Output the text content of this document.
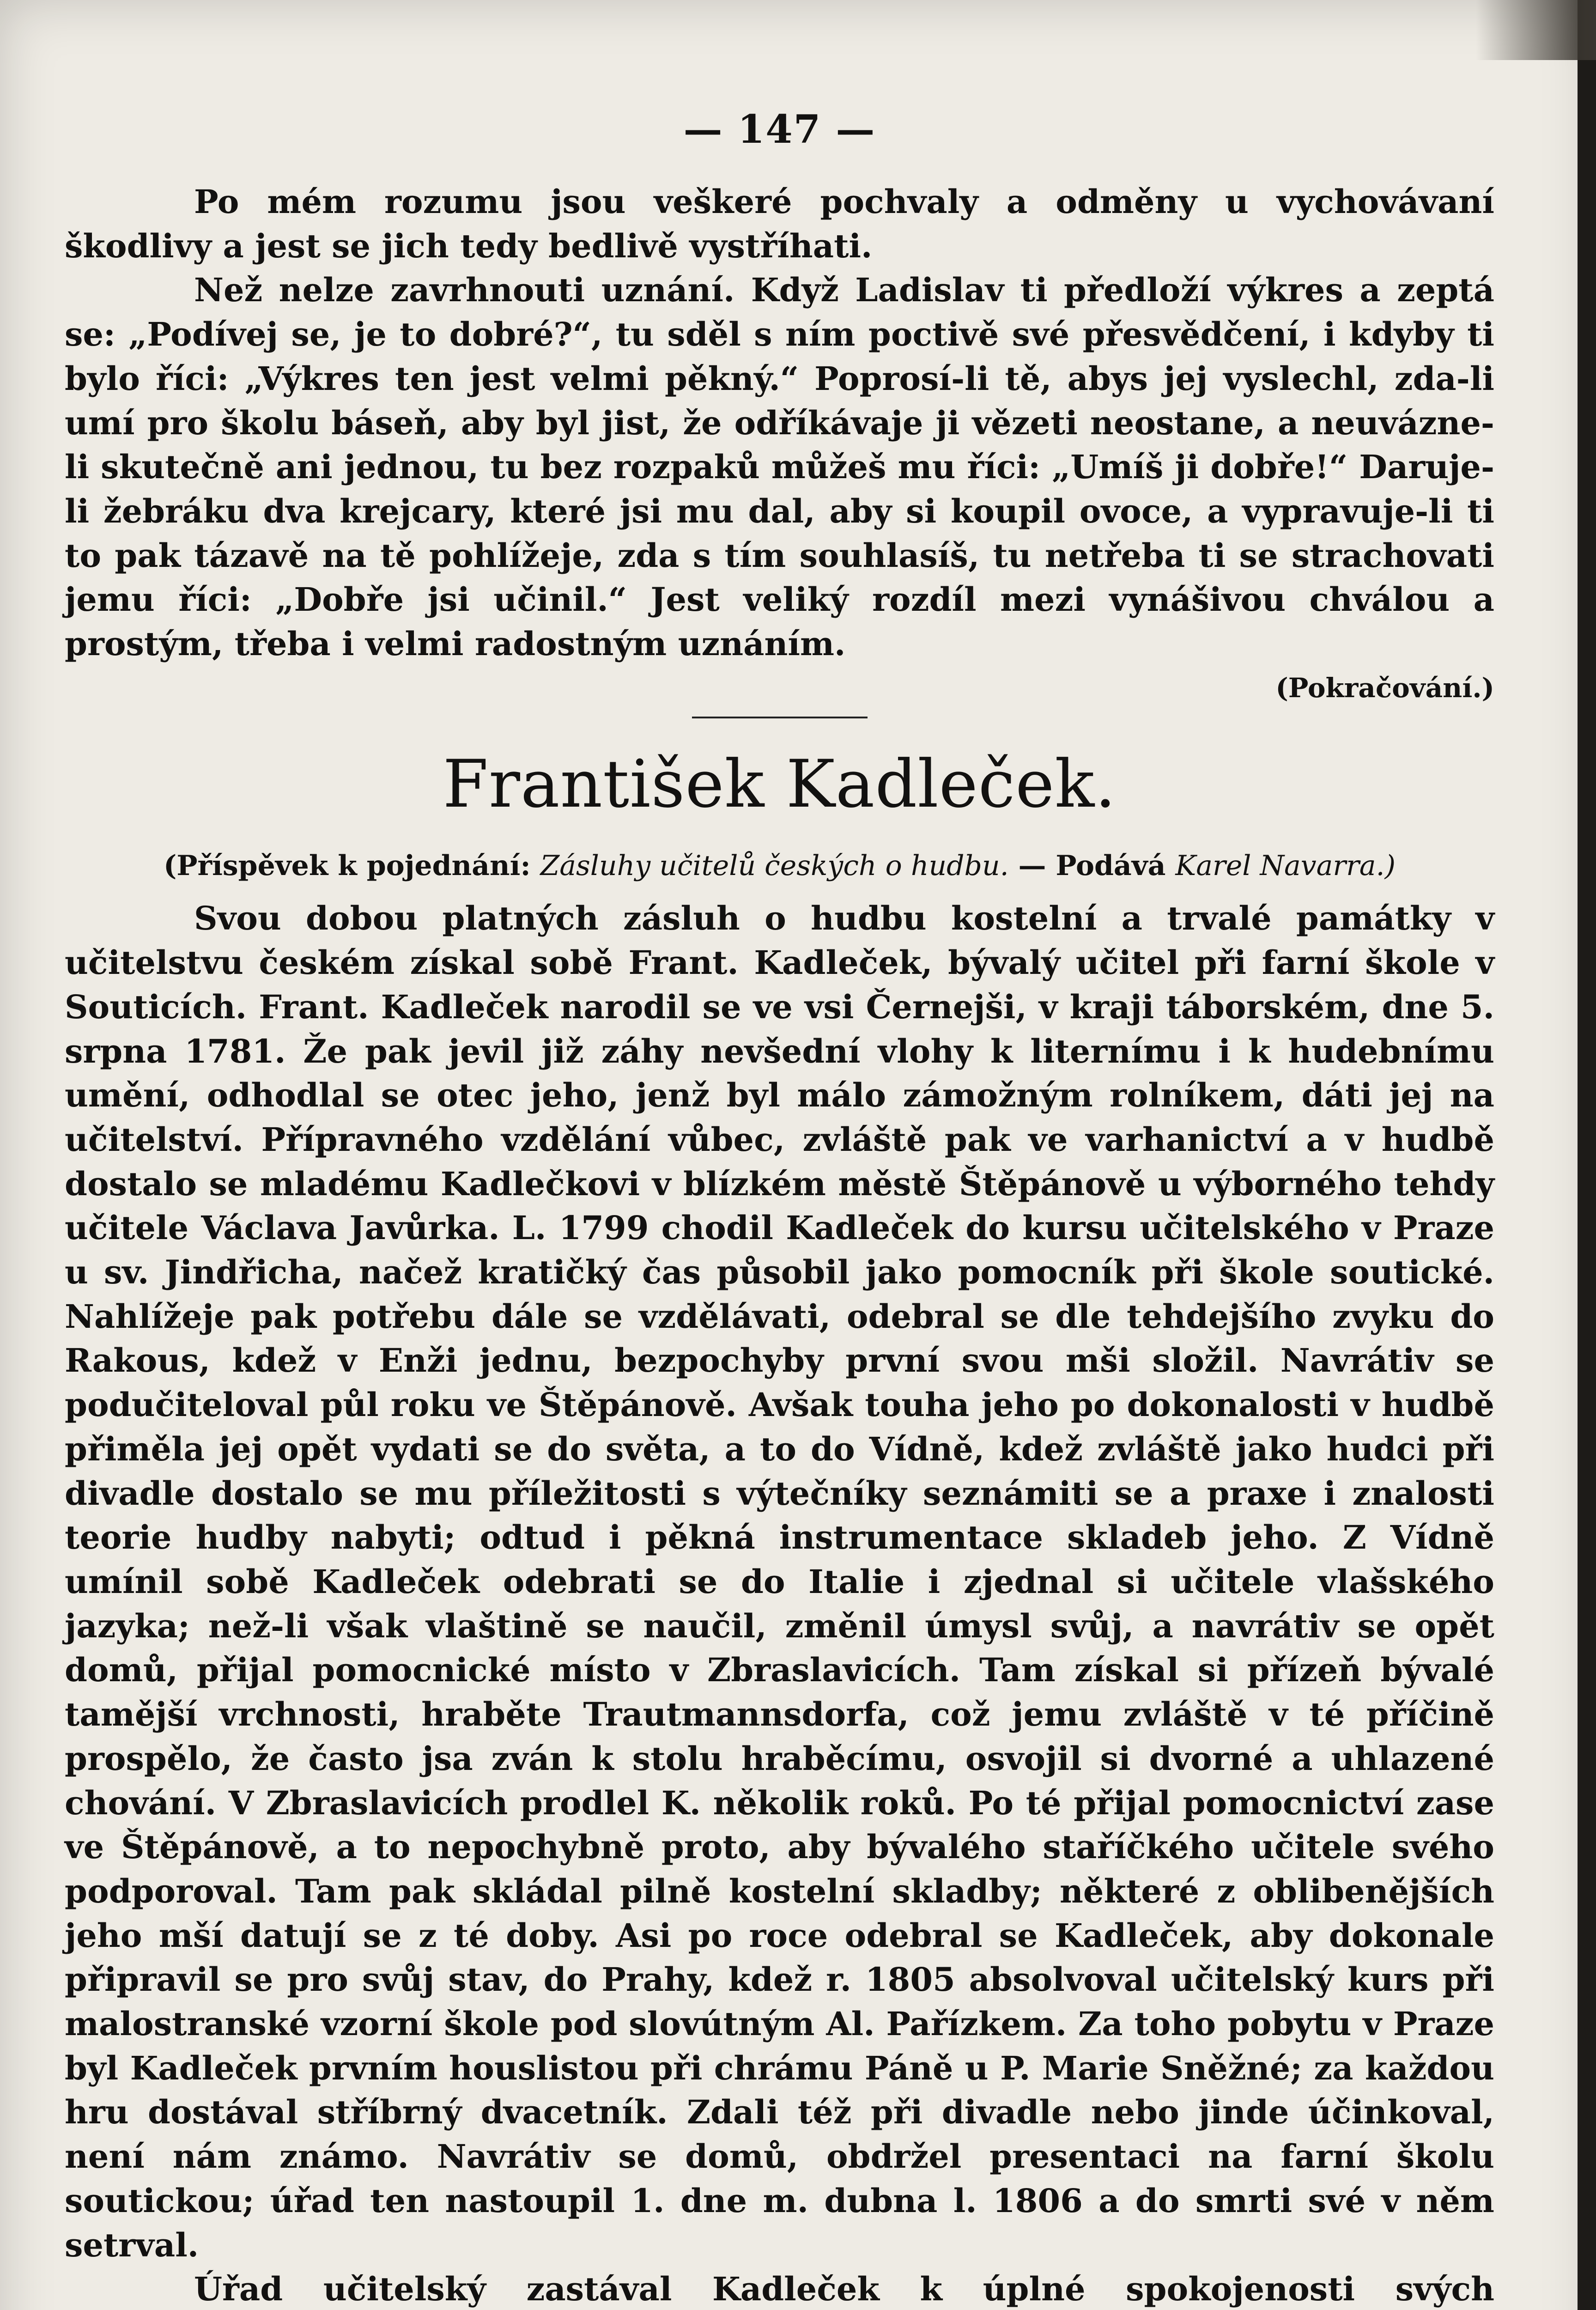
— 147 —

Po mém rozumu jsou veškeré pochvaly a odměny u vychovávaní škodlivy a jest se jich tedy bedlivě vystříhati.

Než nelze zavrhnouti uznání. Když Ladislav ti předloží výkres a zeptá se: „Podívej se, je to dobré?“, tu sděl s ním poctivě své přesvědčení, i kdyby ti bylo říci: „Výkres ten jest velmi pěkný.“ Poprosí-li tě, abys jej vyslechl, zda-li umí pro školu báseň, aby byl jist, že odříkávaje ji vězeti neostane, a neuvázne-li skutečně ani jednou, tu bez rozpaků můžeš mu říci: „Umíš ji dobře!“ Daruje-li žebráku dva krejcary, které jsi mu dal, aby si koupil ovoce, a vypravuje-li ti to pak tázavě na tě pohlížeje, zda s tím souhlasíš, tu netřeba ti se strachovati jemu říci: „Dobře jsi učinil.“ Jest veliký rozdíl mezi vynášivou chválou a prostým, třeba i velmi radostným uznáním.

(Pokračování.)
František Kadleček.
(Příspěvek k pojednání: Zásluhy učitelů českých o hudbu. — Podává Karel Navarra.)

Svou dobou platných zásluh o hudbu kostelní a trvalé památky v učitelstvu českém získal sobě Frant. Kadleček, bývalý učitel při farní škole v Souticích. Frant. Kadleček narodil se ve vsi Černejši, v kraji táborském, dne 5. srpna 1781. Že pak jevil již záhy nevšední vlohy k liternímu i k hudebnímu umění, odhodlal se otec jeho, jenž byl málo zámožným rolníkem, dáti jej na učitelství. Přípravného vzdělání vůbec, zvláště pak ve varhanictví a v hudbě dostalo se mladému Kadlečkovi v blízkém městě Štěpánově u výborného tehdy učitele Václava Javůrka. L. 1799 chodil Kadleček do kursu učitelského v Praze u sv. Jindřicha, načež kratičký čas působil jako pomocník při škole soutické. Nahlížeje pak potřebu dále se vzdělávati, odebral se dle tehdejšího zvyku do Rakous, kdež v Enži jednu, bezpochyby první svou mši složil. Navrátiv se podučiteloval půl roku ve Štěpánově. Avšak touha jeho po dokonalosti v hudbě přiměla jej opět vydati se do světa, a to do Vídně, kdež zvláště jako hudci při divadle dostalo se mu příležitosti s výtečníky seznámiti se a praxe i znalosti teorie hudby nabyti; odtud i pěkná instrumentace skladeb jeho. Z Vídně umínil sobě Kadleček odebrati se do Italie i zjednal si učitele vlašského jazyka; než-li však vlaštině se naučil, změnil úmysl svůj, a navrátiv se opět domů, přijal pomocnické místo v Zbraslavicích. Tam získal si přízeň bývalé tamější vrchnosti, hraběte Trautmannsdorfa, což jemu zvláště v té příčině prospělo, že často jsa zván k stolu hraběcímu, osvojil si dvorné a uhlazené chování. V Zbraslavicích prodlel K. několik roků. Po té přijal pomocnictví zase ve Štěpánově, a to nepochybně proto, aby bývalého staříčkého učitele svého podporoval. Tam pak skládal pilně kostelní skladby; některé z oblibenějších jeho mší datují se z té doby. Asi po roce odebral se Kadleček, aby dokonale připravil se pro svůj stav, do Prahy, kdež r. 1805 absolvoval učitelský kurs při malostranské vzorní škole pod slovútným Al. Pařízkem. Za toho pobytu v Praze byl Kadleček prvním houslistou při chrámu Páně u P. Marie Sněžné; za každou hru dostával stříbrný dvacetník. Zdali též při divadle nebo jinde účinkoval, není nám známo. Navrátiv se domů, obdržel presentaci na farní školu soutickou; úřad ten nastoupil 1. dne m. dubna l. 1806 a do smrti své v něm setrval.

Úřad učitelský zastával Kadleček k úplné spokojenosti svých
